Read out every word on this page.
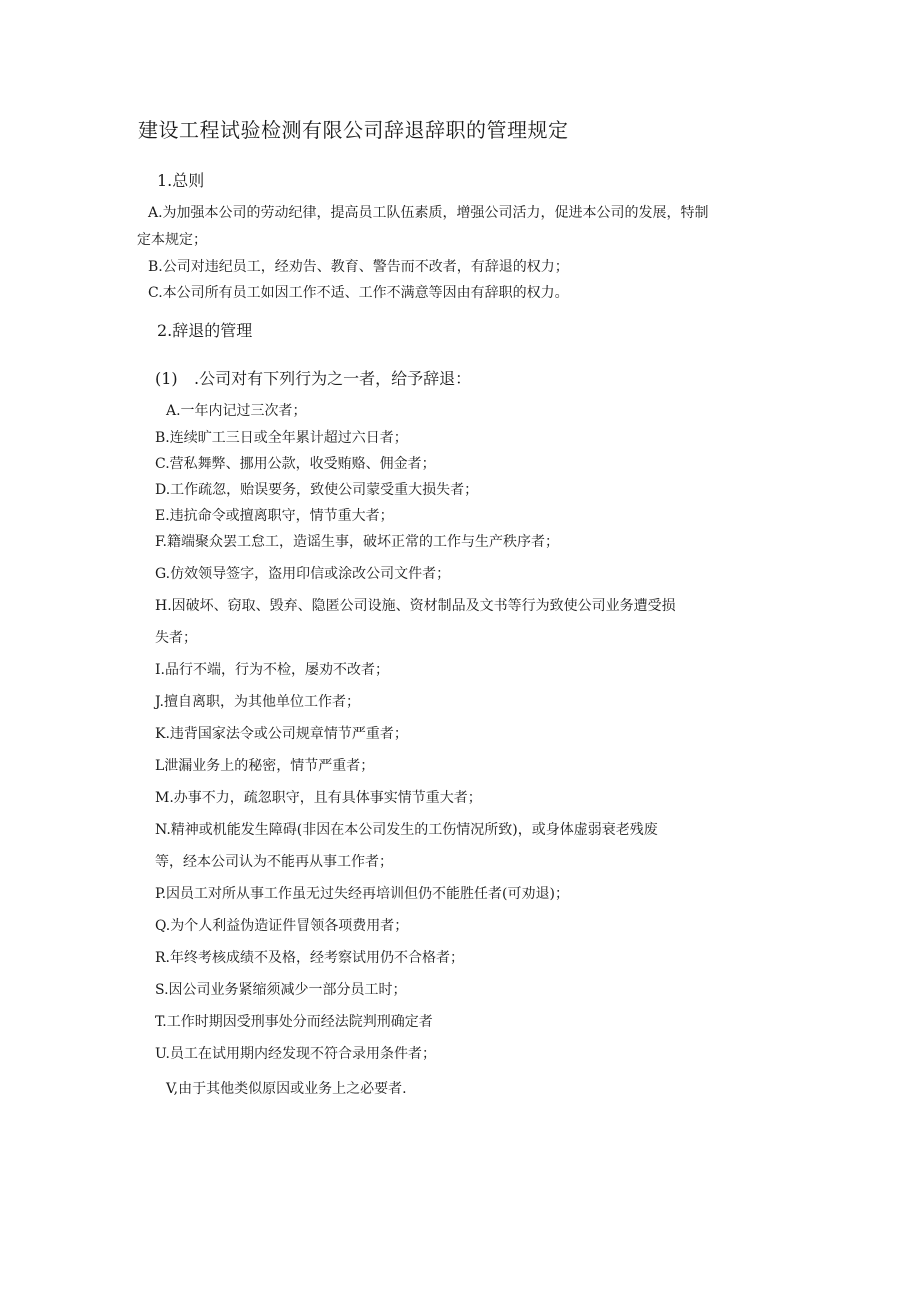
建设工程试验检测有限公司辞退辞职的管理规定
1.总则
A.为加强本公司的劳动纪律，提高员工队伍素质，增强公司活力，促进本公司的发展，特制
定本规定；
B.公司对违纪员工，经劝告、教育、警告而不改者，有辞退的权力；
C.本公司所有员工如因工作不适、工作不满意等因由有辞职的权力。
2.辞退的管理
(1) .公司对有下列行为之一者，给予辞退：
A.一年内记过三次者；
B.连续旷工三日或全年累计超过六日者；
C.营私舞弊、挪用公款，收受贿赂、佣金者；
D.工作疏忽，贻误要务，致使公司蒙受重大损失者；
E.违抗命令或擅离职守，情节重大者；
F.籍端聚众罢工怠工，造谣生事，破坏正常的工作与生产秩序者；
G.仿效领导签字，盗用印信或涂改公司文件者；
H.因破坏、窃取、毁弃、隐匿公司设施、资材制品及文书等行为致使公司业务遭受损
失者；
I.品行不端，行为不检，屡劝不改者；
J.擅自离职，为其他单位工作者；
K.违背国家法令或公司规章情节严重者；
L泄漏业务上的秘密，情节严重者；
M.办事不力，疏忽职守，且有具体事实情节重大者；
N.精神或机能发生障碍(非因在本公司发生的工伤情况所致)，或身体虚弱衰老残废
等，经本公司认为不能再从事工作者；
P.因员工对所从事工作虽无过失经再培训但仍不能胜任者(可劝退)；
Q.为个人利益伪造证件冒领各项费用者；
R.年终考核成绩不及格，经考察试用仍不合格者；
S.因公司业务紧缩须减少一部分员工时；
T.工作时期因受刑事处分而经法院判刑确定者
U.员工在试用期内经发现不符合录用条件者；
V,由于其他类似原因或业务上之必要者.
